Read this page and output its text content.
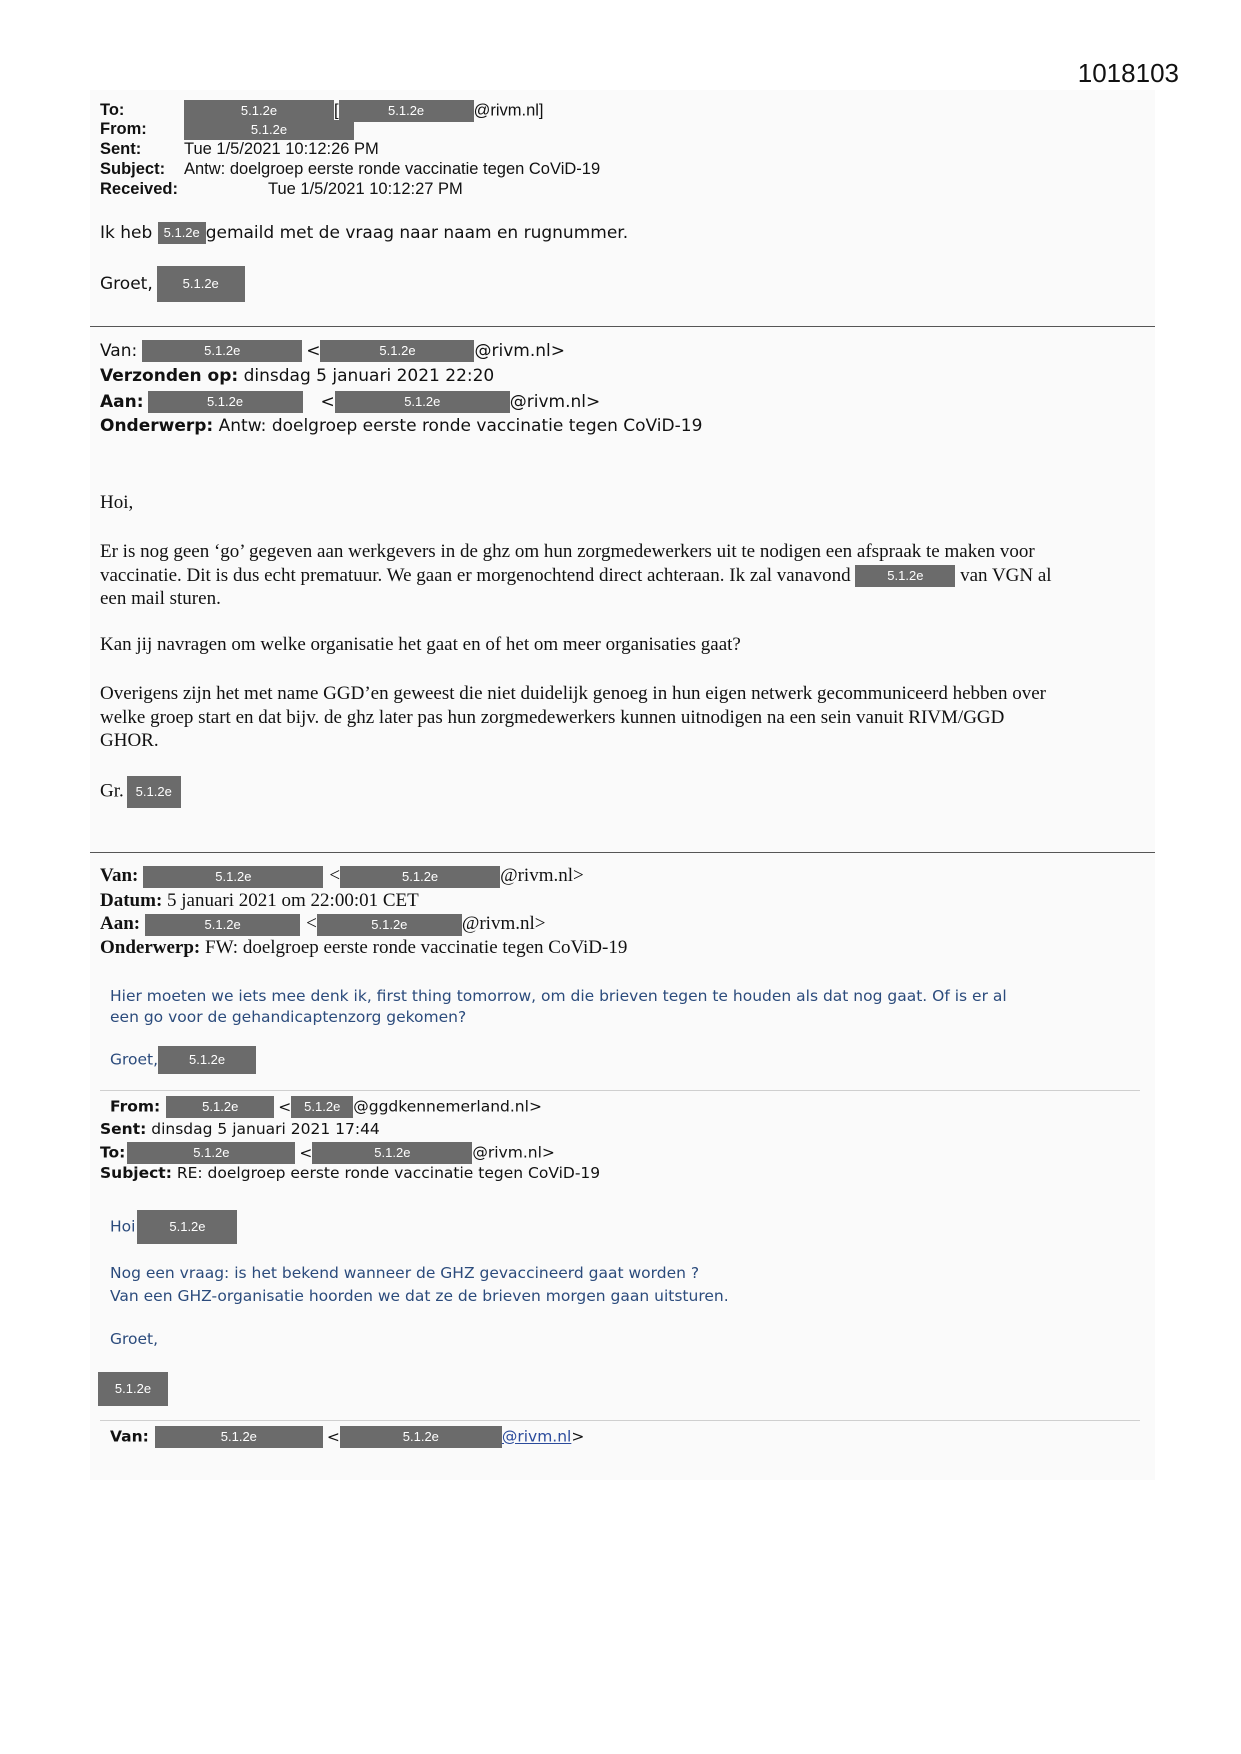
1018103
To:	5.1.2e	[	5.1.2e	@rivm.nl]
From:	5.1.2e
Sent:	Tue 1/5/2021 10:12:26 PM
Subject: Antw: doelgroep eerste ronde vaccinatie tegen CoViD-19
Received:	Tue 1/5/2021 10:12:27 PM
Ik heb 5.1.2e gemaild met de vraag naar naam en rugnummer.
Groet, 5.1.2e
Van:	5.1.2e	<	5.1.2e	@rivm.nl>
Verzonden op: dinsdag 5 januari 2021 22:20
Aan:	5.1.2e	<	5.1.2e	@rivm.nl>
Onderwerp: Antw: doelgroep eerste ronde vaccinatie tegen CoViD-19
Hoi,
Er is nog geen ‘go’ gegeven aan werkgevers in de ghz om hun zorgmedewerkers uit te nodigen een afspraak te maken voor
vaccinatie. Dit is dus echt prematuur. We gaan er morgenochtend direct achteraan. Ik zal vanavond	5.1.2e van VGN al
een mail sturen.
Kan jij navragen om welke organisatie het gaat en of het om meer organisaties gaat?
Overigens zijn het met name GGD’en geweest die niet duidelijk genoeg in hun eigen netwerk gecommuniceerd hebben over
welke groep start en dat bijv. de ghz later pas hun zorgmedewerkers kunnen uitnodigen na een sein vanuit RIVM/GGD
GHOR.
Gr. 5.1.2e
Van:	5.1.2e	<	5.1.2e	@rivm.nl>
Datum: 5 januari 2021 om 22:00:01 CET
Aan:	5.1.2e	<	5.1.2e	@rivm.nl>
Onderwerp: FW: doelgroep eerste ronde vaccinatie tegen CoViD-19
Hier moeten we iets mee denk ik, first thing tomorrow, om die brieven tegen te houden als dat nog gaat. Of is er al
een go voor de gehandicaptenzorg gekomen?
Groet, 5.1.2e
From:	5.1.2e	< 5.1.2e @ggdkennemerland.nl>
Sent: dinsdag 5 januari 2021 17:44
To:	5.1.2e	<	5.1.2e	@rivm.nl>
Subject: RE: doelgroep eerste ronde vaccinatie tegen CoViD-19
Hoi	5.1.2e
Nog een vraag: is het bekend wanneer de GHZ gevaccineerd gaat worden ?
Van een GHZ-organisatie hoorden we dat ze de brieven morgen gaan uitsturen.
Groet,
5.1.2e
Van:	5.1.2e	<	5.1.2e	@rivm.nl>
